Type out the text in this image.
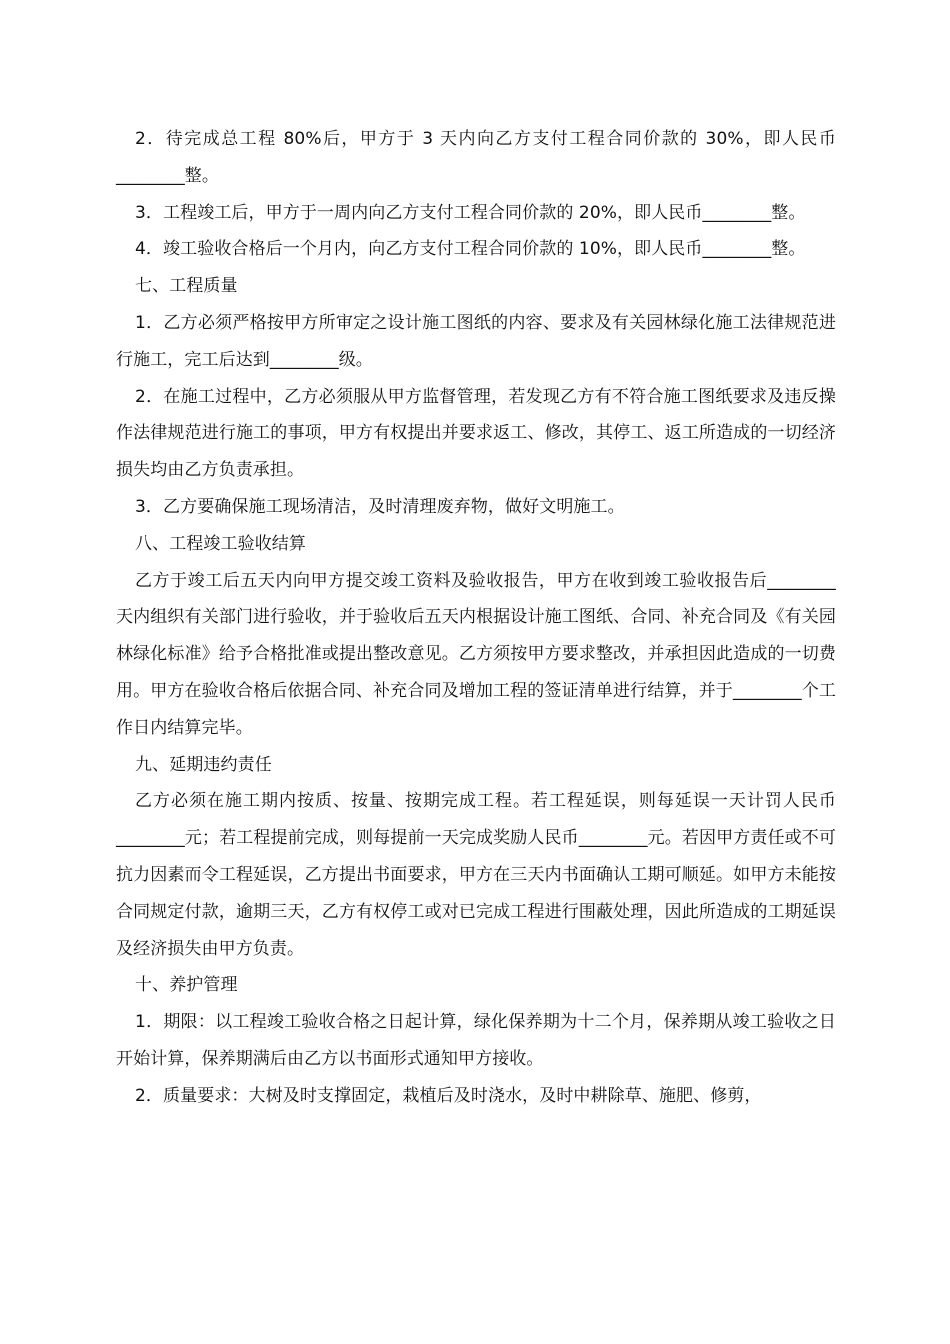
2．待完成总工程 80%后，甲方于 3 天内向乙方支付工程合同价款的 30%，即人民币________整。

3．工程竣工后，甲方于一周内向乙方支付工程合同价款的 20%，即人民币________整。

4．竣工验收合格后一个月内，向乙方支付工程合同价款的 10%，即人民币________整。

七、工程质量

1．乙方必须严格按甲方所审定之设计施工图纸的内容、要求及有关园林绿化施工法律规范进行施工，完工后达到________级。

2．在施工过程中，乙方必须服从甲方监督管理，若发现乙方有不符合施工图纸要求及违反操作法律规范进行施工的事项，甲方有权提出并要求返工、修改，其停工、返工所造成的一切经济损失均由乙方负责承担。

3．乙方要确保施工现场清洁，及时清理废弃物，做好文明施工。

八、工程竣工验收结算

乙方于竣工后五天内向甲方提交竣工资料及验收报告，甲方在收到竣工验收报告后________天内组织有关部门进行验收，并于验收后五天内根据设计施工图纸、合同、补充合同及《有关园林绿化标准》给予合格批准或提出整改意见。乙方须按甲方要求整改，并承担因此造成的一切费用。甲方在验收合格后依据合同、补充合同及增加工程的签证清单进行结算，并于________个工作日内结算完毕。

九、延期违约责任

乙方必须在施工期内按质、按量、按期完成工程。若工程延误，则每延误一天计罚人民币________元；若工程提前完成，则每提前一天完成奖励人民币________元。若因甲方责任或不可抗力因素而令工程延误，乙方提出书面要求，甲方在三天内书面确认工期可顺延。如甲方未能按合同规定付款，逾期三天，乙方有权停工或对已完成工程进行围蔽处理，因此所造成的工期延误及经济损失由甲方负责。

十、养护管理

1．期限：以工程竣工验收合格之日起计算，绿化保养期为十二个月，保养期从竣工验收之日开始计算，保养期满后由乙方以书面形式通知甲方接收。

2．质量要求：大树及时支撑固定，栽植后及时浇水，及时中耕除草、施肥、修剪，
